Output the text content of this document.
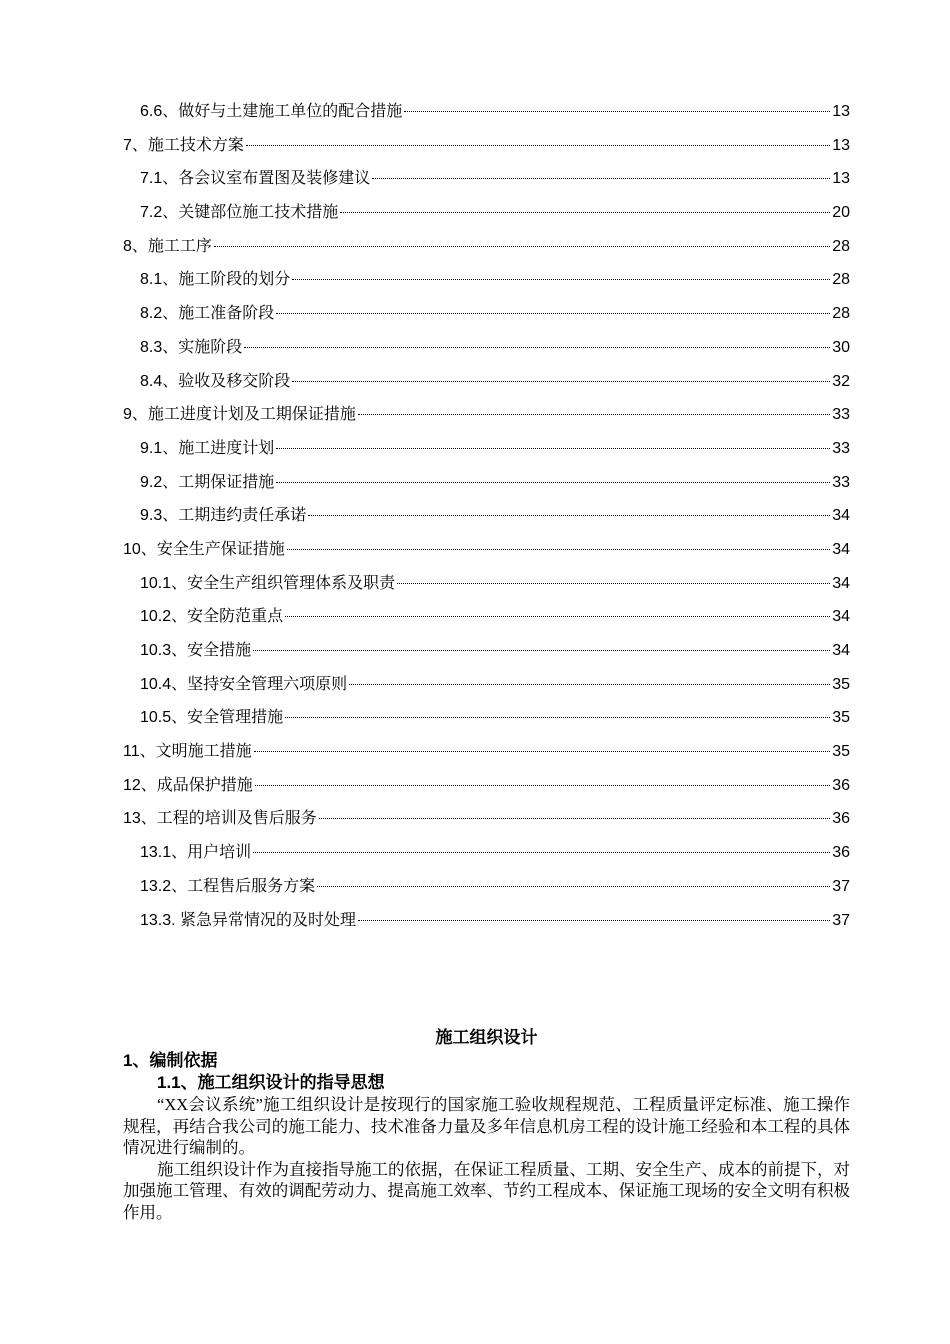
6.6、做好与土建施工单位的配合措施	13
7、施工技术方案	13
7.1、各会议室布置图及装修建议	13
7.2、关键部位施工技术措施	20
8、施工工序	28
8.1、施工阶段的划分	28
8.2、施工准备阶段	28
8.3、实施阶段	30
8.4、验收及移交阶段	32
9、施工进度计划及工期保证措施	33
9.1、施工进度计划	33
9.2、工期保证措施	33
9.3、工期违约责任承诺	34
10、安全生产保证措施	34
10.1、安全生产组织管理体系及职责	34
10.2、安全防范重点	34
10.3、安全措施	34
10.4、坚持安全管理六项原则	35
10.5、安全管理措施	35
11、文明施工措施	35
12、成品保护措施	36
13、工程的培训及售后服务	36
13.1、用户培训	36
13.2、工程售后服务方案	37
13.3. 紧急异常情况的及时处理	37

施工组织设计

1、编制依据

1.1、施工组织设计的指导思想

“XX会议系统”施工组织设计是按现行的国家施工验收规程规范、工程质量评定标准、施工操作规程，再结合我公司的施工能力、技术准备力量及多年信息机房工程的设计施工经验和本工程的具体情况进行编制的。

施工组织设计作为直接指导施工的依据，在保证工程质量、工期、安全生产、成本的前提下，对加强施工管理、有效的调配劳动力、提高施工效率、节约工程成本、保证施工现场的安全文明有积极作用。
